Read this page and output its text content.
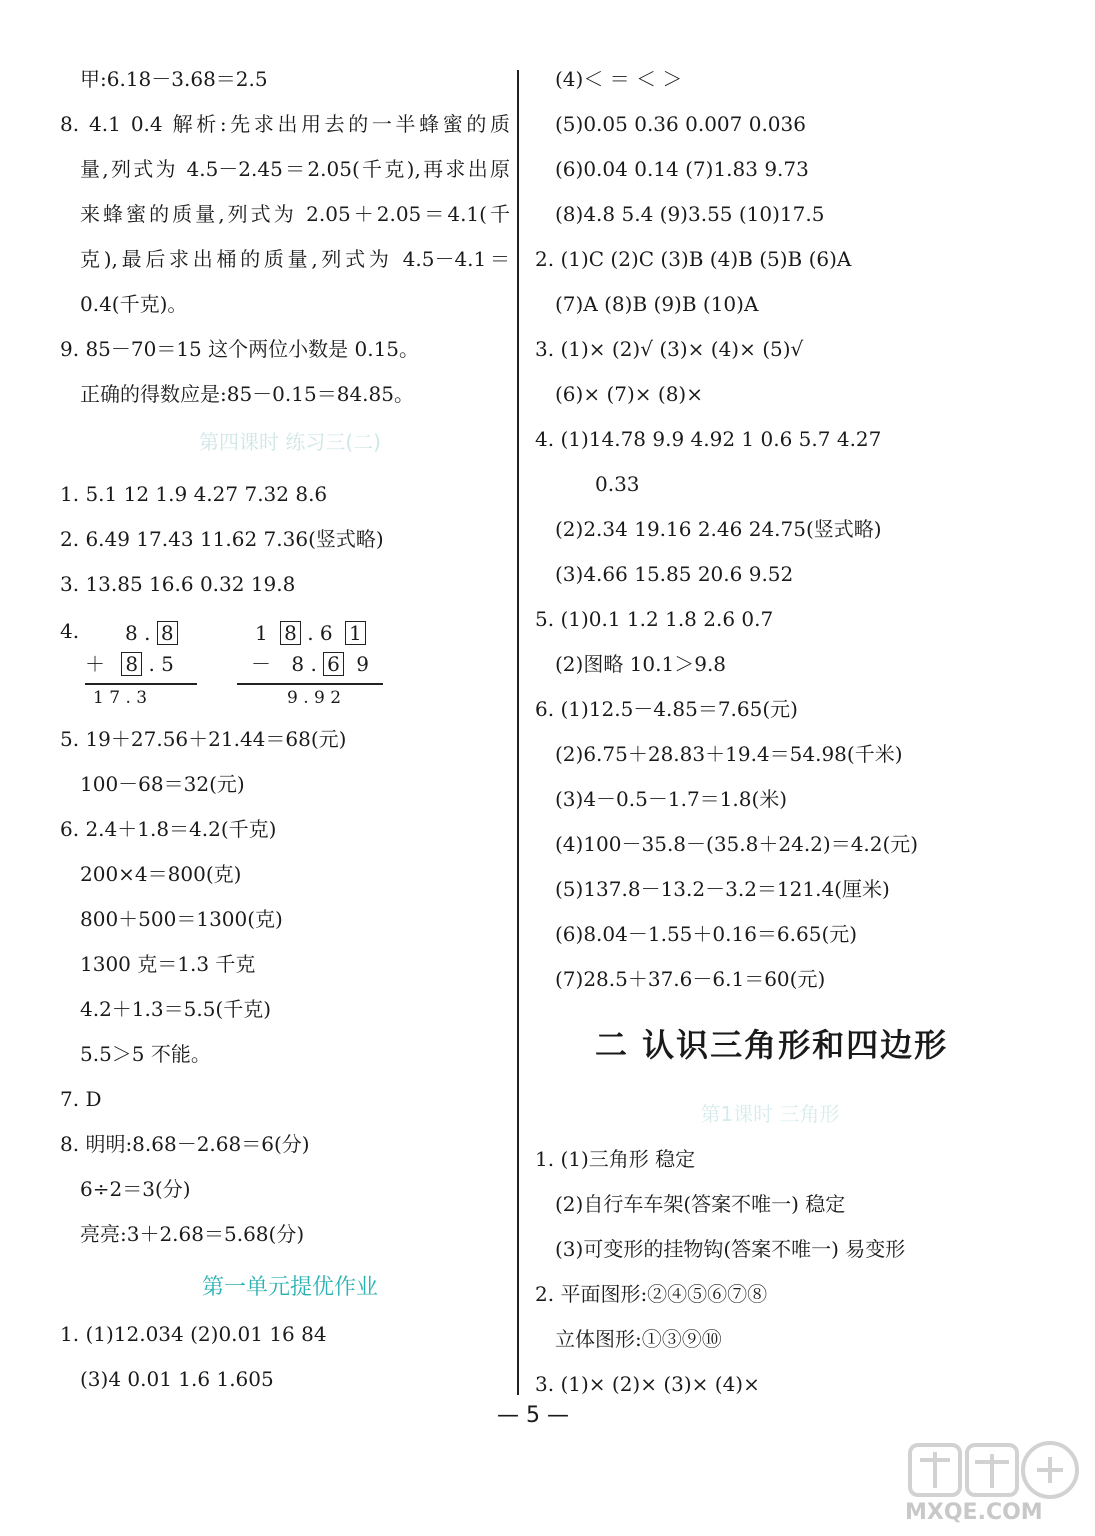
甲:6.18－3.68＝2.5
8. 4.1 0.4 解析:先求出用去的一半蜂蜜的质
量,列式为 4.5－2.45＝2.05(千克),再求出原
来蜂蜜的质量,列式为 2.05＋2.05＝4.1(千
克),最后求出桶的质量,列式为 4.5－4.1＝
0.4(千克)。
9. 85－70＝15 这个两位小数是 0.15。
正确的得数应是:85－0.15＝84.85。
1. 5.1 12 1.9 4.27 7.32 8.6
2. 6.49 17.43 11.62 7.36(竖式略)
3. 13.85 16.6 0.32 19.8
4.
5. 19＋27.56＋21.44＝68(元)
100－68＝32(元)
6. 2.4＋1.8＝4.2(千克)
200×4＝800(克)
800＋500＝1300(克)
1300 克＝1.3 千克
4.2＋1.3＝5.5(千克)
5.5＞5 不能。
7. D
8. 明明:8.68－2.68＝6(分)
6÷2＝3(分)
亮亮:3＋2.68＝5.68(分)
1. (1)12.034 (2)0.01 16 84
(3)4 0.01 1.6 1.605
(4)＜ ＝ ＜ ＞
(5)0.05 0.36 0.007 0.036
(6)0.04 0.14 (7)1.83 9.73
(8)4.8 5.4 (9)3.55 (10)17.5
2. (1)C (2)C (3)B (4)B (5)B (6)A
(7)A (8)B (9)B (10)A
3. (1)× (2)√ (3)× (4)× (5)√
(6)× (7)× (8)×
4. (1)14.78 9.9 4.92 1 0.6 5.7 4.27
0.33
(2)2.34 19.16 2.46 24.75(竖式略)
(3)4.66 15.85 20.6 9.52
5. (1)0.1 1.2 1.8 2.6 0.7
(2)图略 10.1＞9.8
6. (1)12.5－4.85＝7.65(元)
(2)6.75＋28.83＋19.4＝54.98(千米)
(3)4－0.5－1.7＝1.8(米)
(4)100－35.8－(35.8＋24.2)＝4.2(元)
(5)137.8－13.2－3.2＝121.4(厘米)
(6)8.04－1.55＋0.16＝6.65(元)
(7)28.5＋37.6－6.1＝60(元)
1. (1)三角形 稳定
(2)自行车车架(答案不唯一) 稳定
(3)可变形的挂物钩(答案不唯一) 易变形
2. 平面图形:②④⑤⑥⑦⑧
立体图形:①③⑨⑩
3. (1)× (2)× (3)× (4)×
第四课时 练习三(二)
第一单元提优作业
8 . 8
＋ 8 . 5
1 7 . 3
1 8 . 6 1
－ 8 . 6 9
9 . 9 2
二 认识三角形和四边形
第1课时 三角形
— 5 —
MXQE.COM
